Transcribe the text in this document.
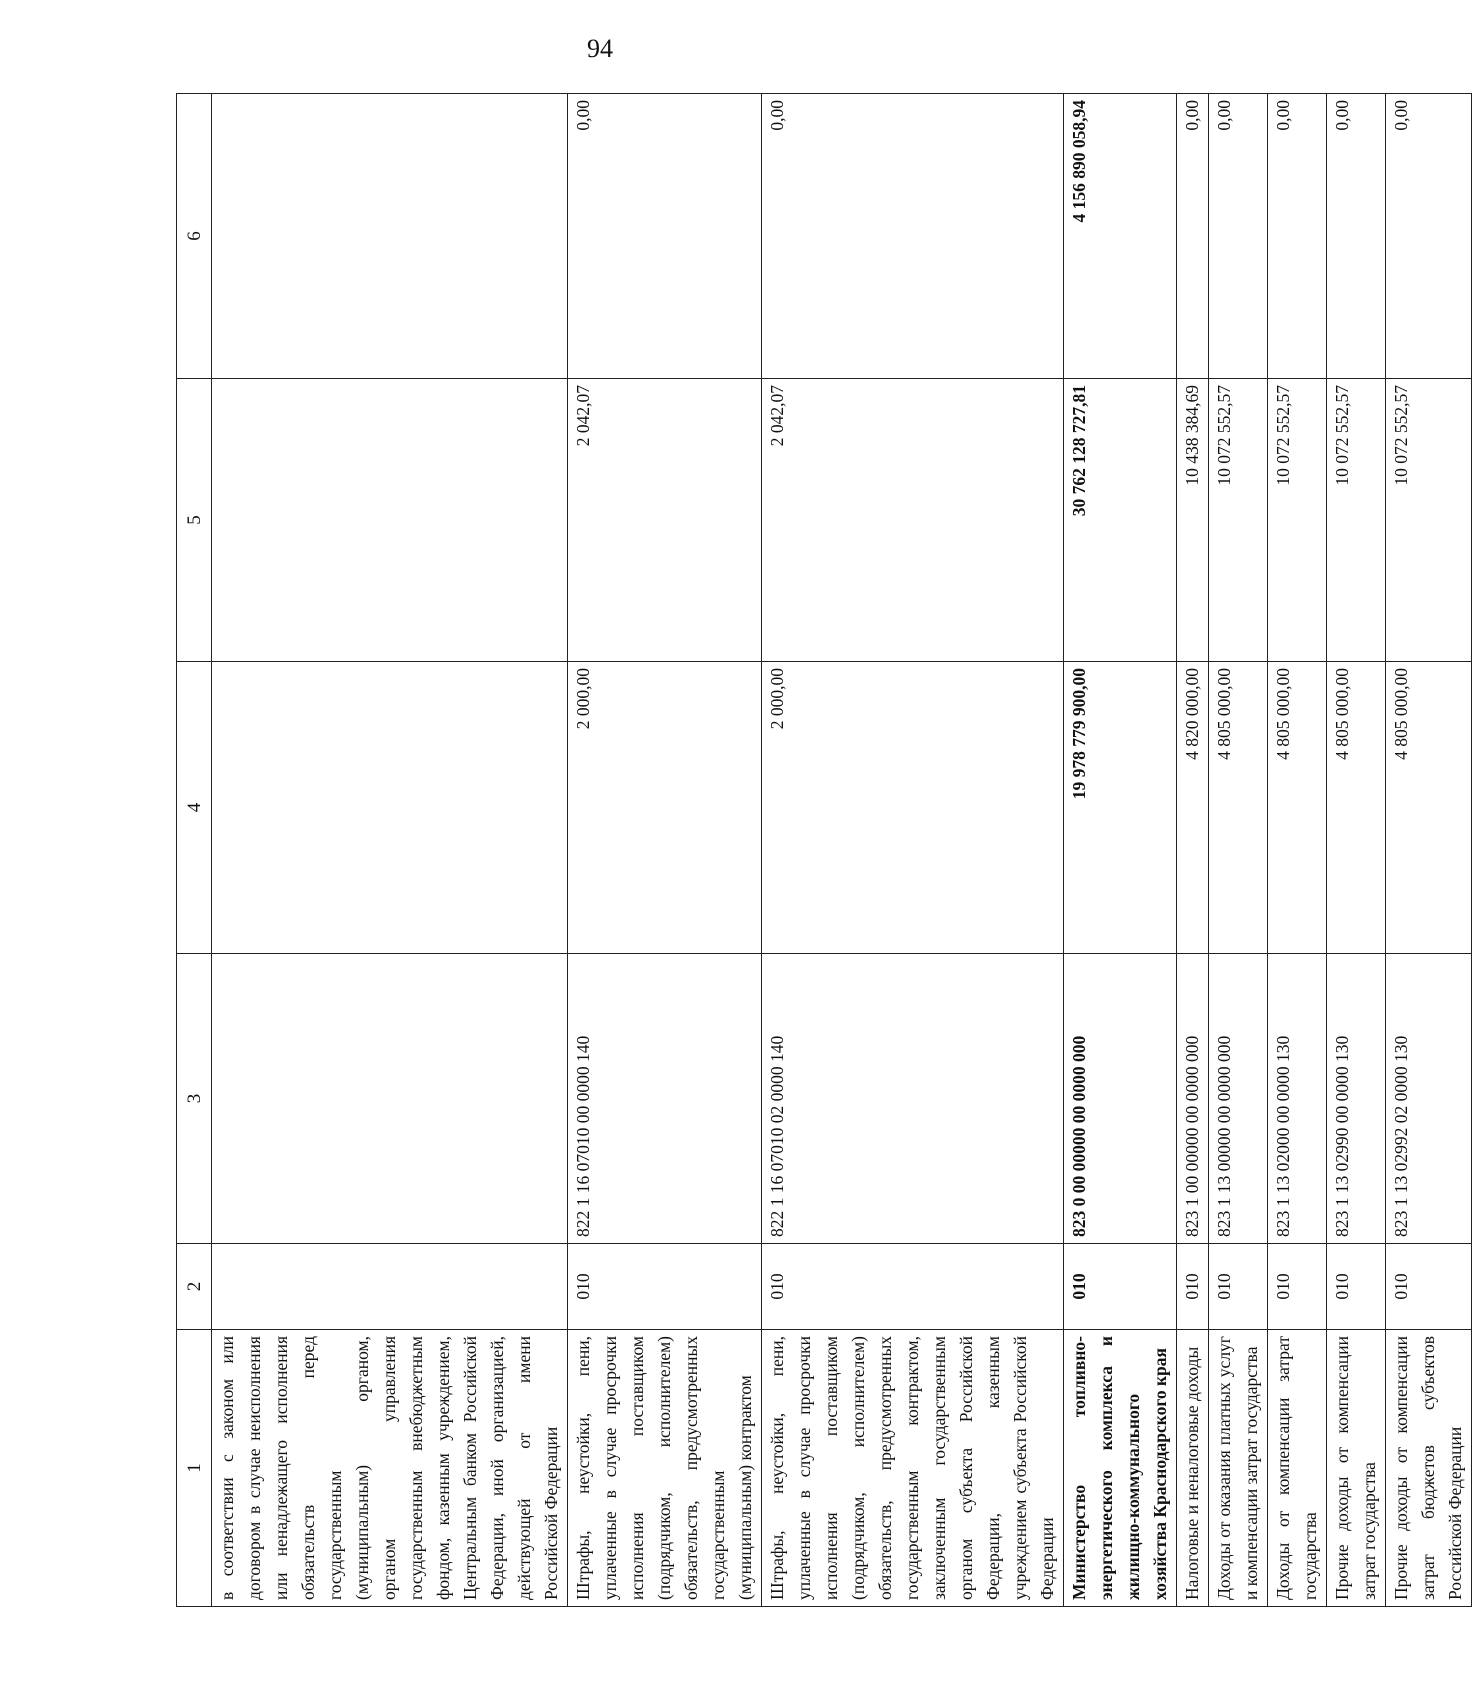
94
1	2	3	4	5	6
в соответствии с законом или договором в случае неисполнения или ненадлежащего исполнения обязательств перед государственным (муниципальным) органом, органом управления государственным внебюджетным фондом, казенным учреждением, Центральным банком Российской Федерации, иной организацией, действующей от имени Российской Федерации					
Штрафы, неустойки, пени, уплаченные в случае просрочки исполнения поставщиком (подрядчиком, исполнителем) обязательств, предусмотренных государственным (муниципальным) контрактом	010	822 1 16 07010 00 0000 140	2 000,00	2 042,07	0,00
Штрафы, неустойки, пени, уплаченные в случае просрочки исполнения поставщиком (подрядчиком, исполнителем) обязательств, предусмотренных государственным контрактом, заключенным государственным органом субъекта Российской Федерации, казенным учреждением субъекта Российской Федерации	010	822 1 16 07010 02 0000 140	2 000,00	2 042,07	0,00
Министерство топливно-энергетического комплекса и жилищно-коммунального хозяйства Краснодарского края	010	823 0 00 00000 00 0000 000	19 978 779 900,00	30 762 128 727,81	4 156 890 058,94
Налоговые и неналоговые доходы	010	823 1 00 00000 00 0000 000	4 820 000,00	10 438 384,69	0,00
Доходы от оказания платных услуг и компенсации затрат государства	010	823 1 13 00000 00 0000 000	4 805 000,00	10 072 552,57	0,00
Доходы от компенсации затрат государства	010	823 1 13 02000 00 0000 130	4 805 000,00	10 072 552,57	0,00
Прочие доходы от компенсации затрат государства	010	823 1 13 02990 00 0000 130	4 805 000,00	10 072 552,57	0,00
Прочие доходы от компенсации затрат бюджетов субъектов Российской Федерации	010	823 1 13 02992 02 0000 130	4 805 000,00	10 072 552,57	0,00
